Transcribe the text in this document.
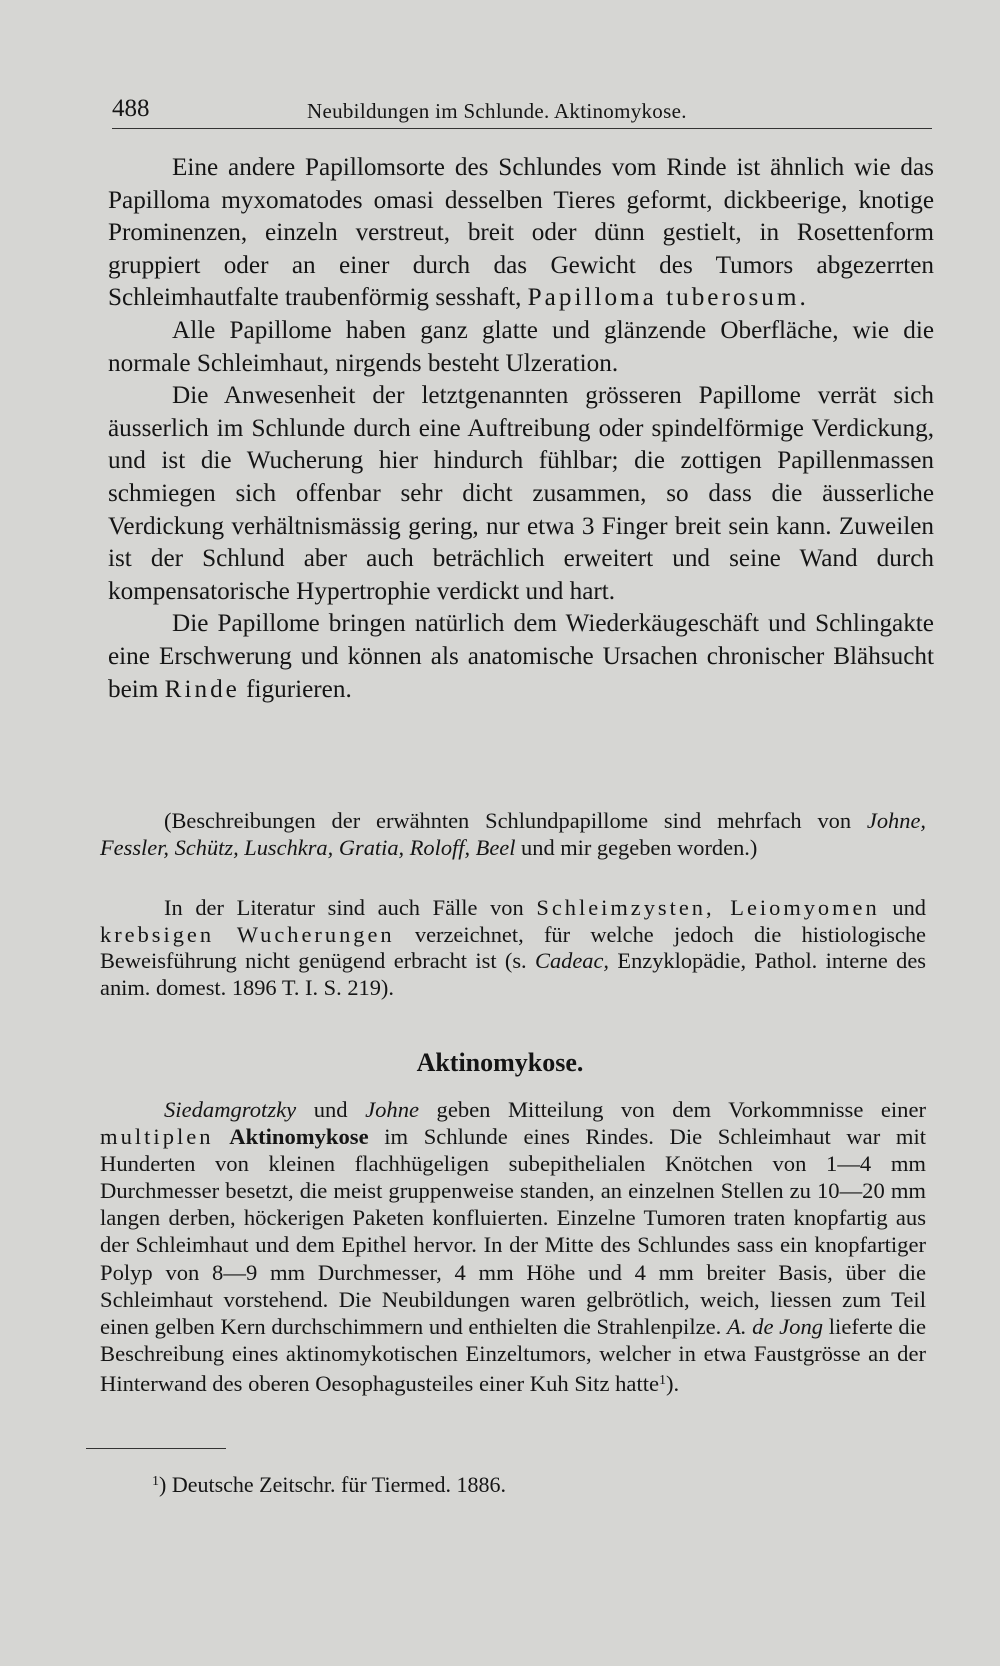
488	Neubildungen im Schlunde. Aktinomykose.

Eine andere Papillomsorte des Schlundes vom Rinde ist ähnlich wie das Papilloma myxomatodes omasi desselben Tieres geformt, dickbeerige, knotige Prominenzen, einzeln verstreut, breit oder dünn gestielt, in Rosettenform gruppiert oder an einer durch das Gewicht des Tumors abgezerrten Schleimhautfalte traubenförmig sesshaft, Papilloma tuberosum.

Alle Papillome haben ganz glatte und glänzende Oberfläche, wie die normale Schleimhaut, nirgends besteht Ulzeration.

Die Anwesenheit der letztgenannten grösseren Papillome verrät sich äusserlich im Schlunde durch eine Auftreibung oder spindelförmige Verdickung, und ist die Wucherung hier hindurch fühlbar; die zottigen Papillenmassen schmiegen sich offenbar sehr dicht zusammen, so dass die äusserliche Verdickung verhältnismässig gering, nur etwa 3 Finger breit sein kann. Zuweilen ist der Schlund aber auch beträchlich erweitert und seine Wand durch kompensatorische Hypertrophie verdickt und hart.

Die Papillome bringen natürlich dem Wiederkäugeschäft und Schlingakte eine Erschwerung und können als anatomische Ursachen chronischer Blähsucht beim Rinde figurieren.

(Beschreibungen der erwähnten Schlundpapillome sind mehrfach von Johne, Fessler, Schütz, Luschkra, Gratia, Roloff, Beel und mir gegeben worden.)

In der Literatur sind auch Fälle von Schleimzysten, Leiomyomen und krebsigen Wucherungen verzeichnet, für welche jedoch die histiologische Beweisführung nicht genügend erbracht ist (s. Cadeac, Enzyklopädie, Pathol. interne des anim. domest. 1896 T. I. S. 219).

Aktinomykose.

Siedamgrotzky und Johne geben Mitteilung von dem Vorkommnisse einer multiplen Aktinomykose im Schlunde eines Rindes. Die Schleimhaut war mit Hunderten von kleinen flachhügeligen subepithelialen Knötchen von 1—4 mm Durchmesser besetzt, die meist gruppenweise standen, an einzelnen Stellen zu 10—20 mm langen derben, höckerigen Paketen konfluierten. Einzelne Tumoren traten knopfartig aus der Schleimhaut und dem Epithel hervor. In der Mitte des Schlundes sass ein knopfartiger Polyp von 8—9 mm Durchmesser, 4 mm Höhe und 4 mm breiter Basis, über die Schleimhaut vorstehend. Die Neubildungen waren gelbrötlich, weich, liessen zum Teil einen gelben Kern durchschimmern und enthielten die Strahlenpilze. A. de Jong lieferte die Beschreibung eines aktinomykotischen Einzeltumors, welcher in etwa Faustgrösse an der Hinterwand des oberen Oesophagusteiles einer Kuh Sitz hatte$^1$).

$^1$) Deutsche Zeitschr. für Tiermed. 1886.
